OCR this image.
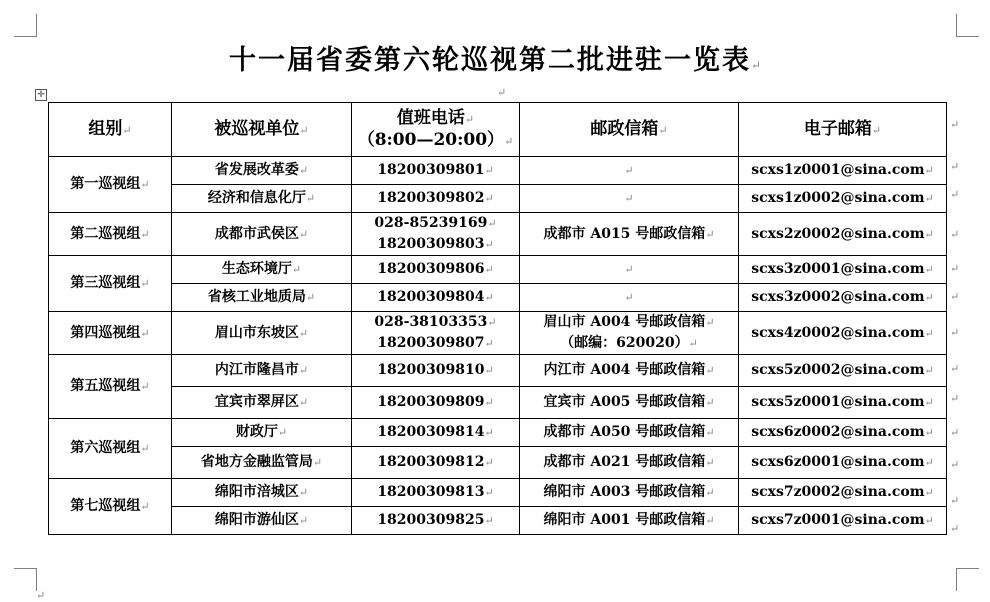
十一届省委第六轮巡视第二批进驻一览表↵
✛	↵
组别↵	被巡视单位↵	值班电话↵
（8:00—20:00）↵	邮政信箱↵	电子邮箱↵
第一巡视组↵	省发展改革委↵	18200309801↵	↵	scxs1z0001@sina.com↵
	经济和信息化厅↵	18200309802↵	↵	scxs1z0002@sina.com↵
第二巡视组↵	成都市武侯区↵	028-85239169↵
18200309803↵	成都市 A015 号邮政信箱↵	scxs2z0002@sina.com↵
第三巡视组↵	生态环境厅↵	18200309806↵	↵	scxs3z0001@sina.com↵
	省核工业地质局↵	18200309804↵	↵	scxs3z0002@sina.com↵
第四巡视组↵	眉山市东坡区↵	028-38103353↵
18200309807↵	眉山市 A004 号邮政信箱↵
（邮编：620020）↵	scxs4z0002@sina.com↵
第五巡视组↵	内江市隆昌市↵	18200309810↵	内江市 A004 号邮政信箱↵	scxs5z0002@sina.com↵
	宜宾市翠屏区↵	18200309809↵	宜宾市 A005 号邮政信箱↵	scxs5z0001@sina.com↵
第六巡视组↵	财政厅↵	18200309814↵	成都市 A050 号邮政信箱↵	scxs6z0002@sina.com↵
	省地方金融监管局↵	18200309812↵	成都市 A021 号邮政信箱↵	scxs6z0001@sina.com↵
第七巡视组↵	绵阳市涪城区↵	18200309813↵	绵阳市 A003 号邮政信箱↵	scxs7z0002@sina.com↵
	绵阳市游仙区↵	18200309825↵	绵阳市 A001 号邮政信箱↵	scxs7z0001@sina.com↵
↵
↵
↵
↵
↵
↵
↵
↵
↵
↵
↵
↵
↵
↵
